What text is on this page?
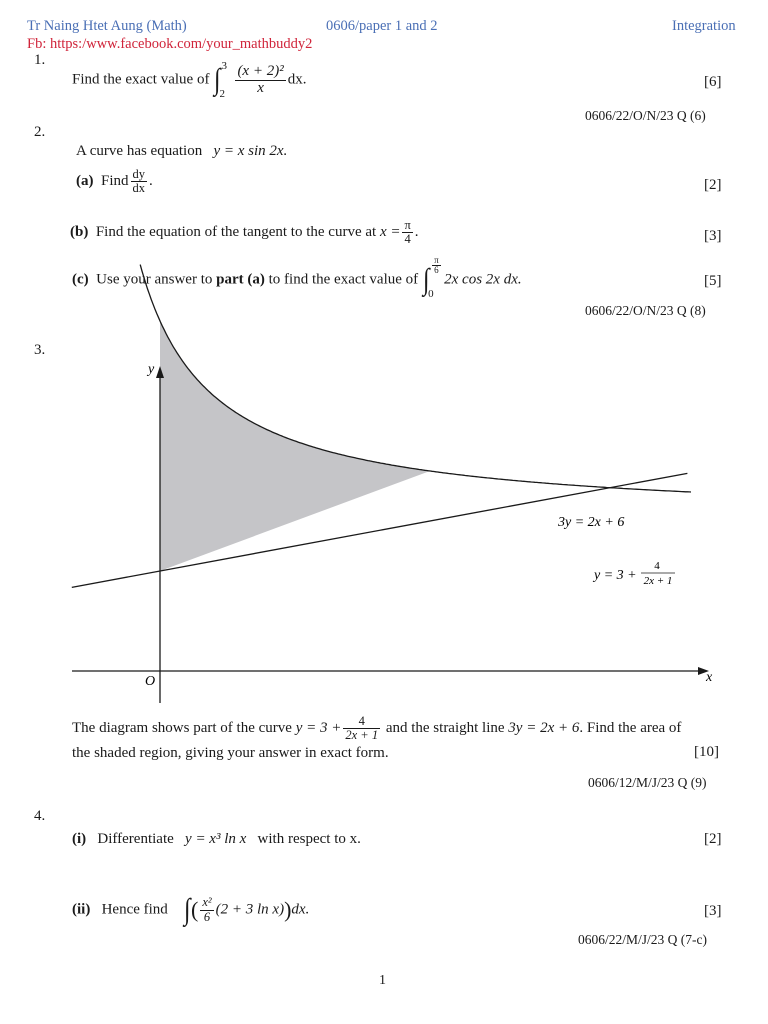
Tr Naing Htet Aung (Math)	0606/paper 1 and 2	Integration
Fb: https:/www.facebook.com/your_mathbuddy2
1.
Find the exact value of ∫ 3
$2 \frac{\text{(x + 2)²}}{x}$ dx.	[6]
0606/22/O/N/23 Q (6)
2.
A curve has equation y = x sin 2x.
(a) Find $\frac{dy}{dx}$ .	[2]
(b) Find the equation of the tangent to the curve at $x = \frac{\pi}{4}$ .	[3]
(c) Use your answer to part (a) to find the exact value of ∫ $\frac{\pi}{6}$
0
2x cos 2x dx.	[5]
0606/22/O/N/23 Q (8)
3.
y
x
O
3y = 2x + 6
y = 3 +
4
2x + 1
The diagram shows part of the curve $y = 3 + \frac{4}{2x + 1}$ and the straight line 3y = 2x + 6. Find the area of
the shaded region, giving your answer in exact form.	[10]
0606/12/M/J/23 Q (9)
4.
(i) Differentiate y = x³ ln x with respect to x.	[2]
(ii) Hence find ∫( $\frac{\text{x²}}{6} (2 + 3$ ln x))dx.	[3]
0606/22/M/J/23 Q (7-c)
1
